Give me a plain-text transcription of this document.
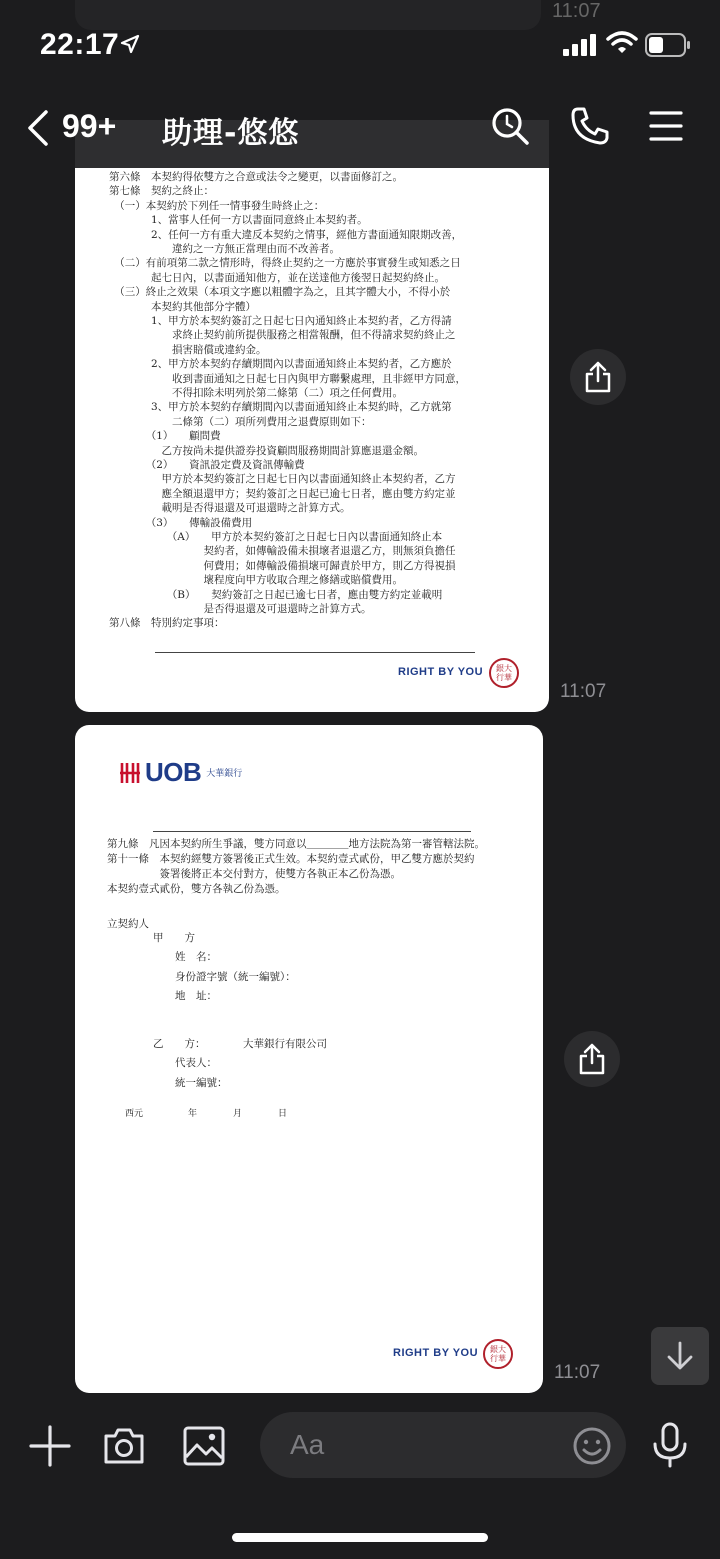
22:17
11:07
99+ 助理-悠悠

第六條　本契約得依雙方之合意或法令之變更，以書面修訂之。

第七條　契約之終止：

　（一）本契約於下列任一情事發生時終止之：

　　　　1、當事人任何一方以書面同意終止本契約者。

　　　　2、任何一方有重大違反本契約之情事，經他方書面通知限期改善，

　　　　　　違約之一方無正當理由而不改善者。

　（二）有前項第二款之情形時，得終止契約之一方應於事實發生或知悉之日

　　　　起七日內，以書面通知他方，並在送達他方後翌日起契約終止。

　（三）終止之效果（本項文字應以粗體字為之，且其字體大小，不得小於

　　　　本契約其他部分字體）

　　　　1、甲方於本契約簽訂之日起七日內通知終止本契約者，乙方得請

　　　　　　求終止契約前所提供服務之相當報酬，但不得請求契約終止之

　　　　　　損害賠償或違約金。

　　　　2、甲方於本契約存續期間內以書面通知終止本契約者，乙方應於

　　　　　　收到書面通知之日起七日內與甲方聯繫處理，且非經甲方同意，

　　　　　　不得扣除未明列於第二條第（二）項之任何費用。

　　　　3、甲方於本契約存續期間內以書面通知終止本契約時，乙方就第

　　　　　　二條第（二）項所列費用之退費原則如下：

　　　　（1）　　顧問費

　　　　　乙方按尚未提供證券投資顧問服務期間計算應退還金額。

　　　　（2）　　資訊設定費及資訊傳輸費

　　　　　甲方於本契約簽訂之日起七日內以書面通知終止本契約者，乙方

　　　　　應全額退還甲方；契約簽訂之日起已逾七日者，應由雙方約定並

　　　　　載明是否得退還及可退還時之計算方式。

　　　　（3）　　傳輸設備費用

　　　　　　（A）　　甲方於本契約簽訂之日起七日內以書面通知終止本

　　　　　　　　　契約者，如傳輸設備未損壞者退還乙方，則無須負擔任

　　　　　　　　　何費用；如傳輸設備損壞可歸責於甲方，則乙方得視損

　　　　　　　　　壞程度向甲方收取合理之修繕或賠償費用。

　　　　　　（B）　　契約簽訂之日起已逾七日者，應由雙方約定並載明

　　　　　　　　　是否得退還及可退還時之計算方式。

第八條　特別約定事項：

RIGHT BY YOU	銀大
行華
11:07
UOB 大華銀行

第九條　凡因本契約所生爭議，雙方同意以＿＿＿＿地方法院為第一審管轄法院。

第十一條　本契約經雙方簽署後正式生效。本契約壹式貳份，甲乙雙方應於契約

　　　　　簽署後將正本交付對方，使雙方各執正本乙份為憑。

本契約壹式貳份，雙方各執乙份為憑。

立契約人

甲　　方

姓　名：

身份證字號（統一編號）：

地　址：

乙　　方：	大華銀行有限公司

代表人：

統一編號：

西元　　　　　年　　　　月　　　　日

RIGHT BY YOU	銀大
行華
11:07
Aa
